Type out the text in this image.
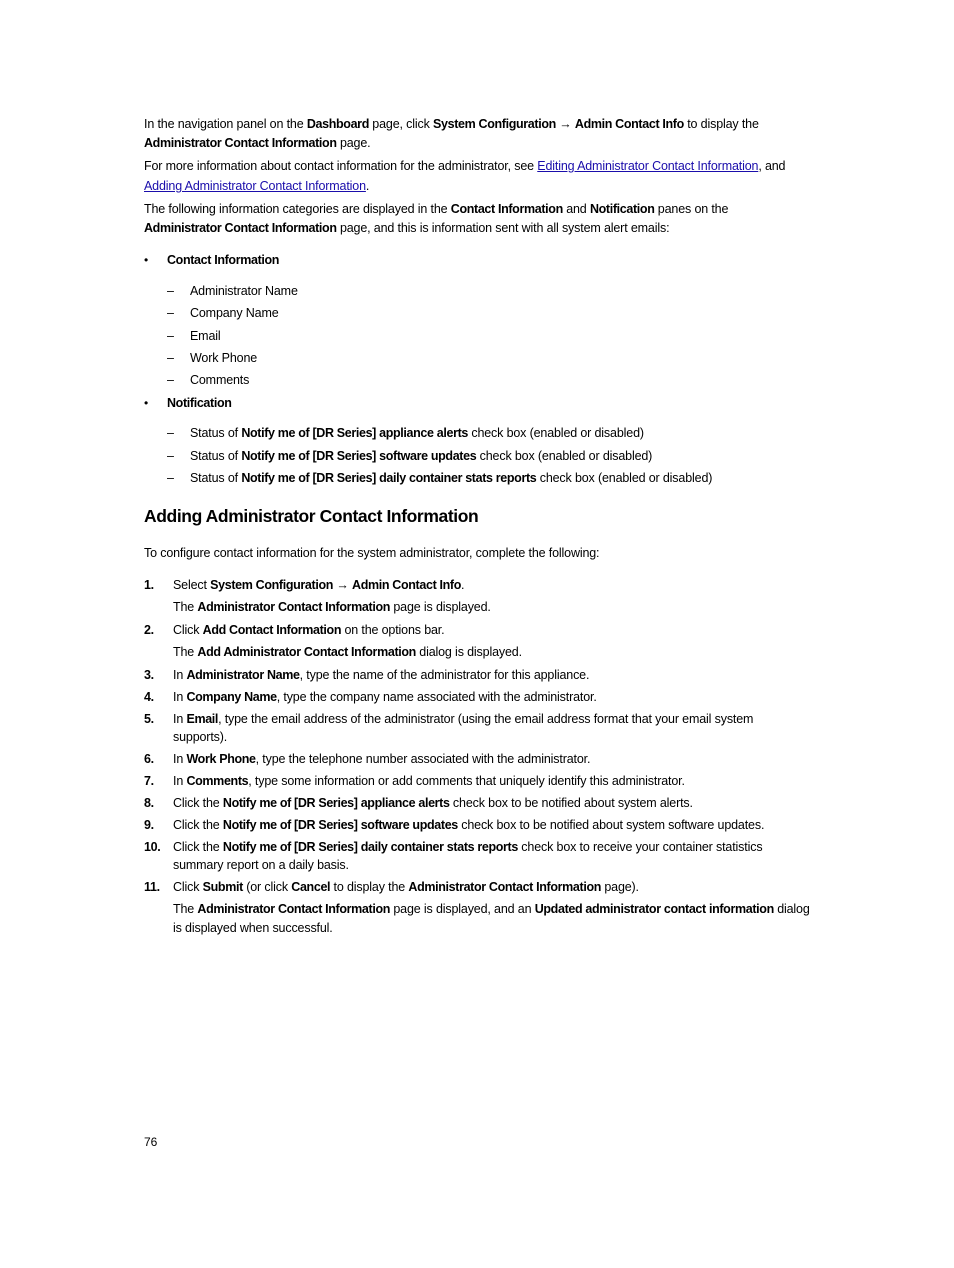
In the navigation panel on the Dashboard page, click System Configuration → Admin Contact Info to display the
Administrator Contact Information page.
For more information about contact information for the administrator, see Editing Administrator Contact Information, and
Adding Administrator Contact Information.
The following information categories are displayed in the Contact Information and Notification panes on the
Administrator Contact Information page, and this is information sent with all system alert emails:
• Contact Information
– Administrator Name
– Company Name
– Email
– Work Phone
– Comments
• Notification
– Status of Notify me of [DR Series] appliance alerts check box (enabled or disabled)
– Status of Notify me of [DR Series] software updates check box (enabled or disabled)
– Status of Notify me of [DR Series] daily container stats reports check box (enabled or disabled)
Adding Administrator Contact Information
To configure contact information for the system administrator, complete the following:
1. Select System Configuration → Admin Contact Info.
The Administrator Contact Information page is displayed.
2. Click Add Contact Information on the options bar.
The Add Administrator Contact Information dialog is displayed.
3. In Administrator Name, type the name of the administrator for this appliance.
4. In Company Name, type the company name associated with the administrator.
5. In Email, type the email address of the administrator (using the email address format that your email system
supports).
6. In Work Phone, type the telephone number associated with the administrator.
7. In Comments, type some information or add comments that uniquely identify this administrator.
8. Click the Notify me of [DR Series] appliance alerts check box to be notified about system alerts.
9. Click the Notify me of [DR Series] software updates check box to be notified about system software updates.
10. Click the Notify me of [DR Series] daily container stats reports check box to receive your container statistics
summary report on a daily basis.
11. Click Submit (or click Cancel to display the Administrator Contact Information page).
The Administrator Contact Information page is displayed, and an Updated administrator contact information dialog
is displayed when successful.
76
